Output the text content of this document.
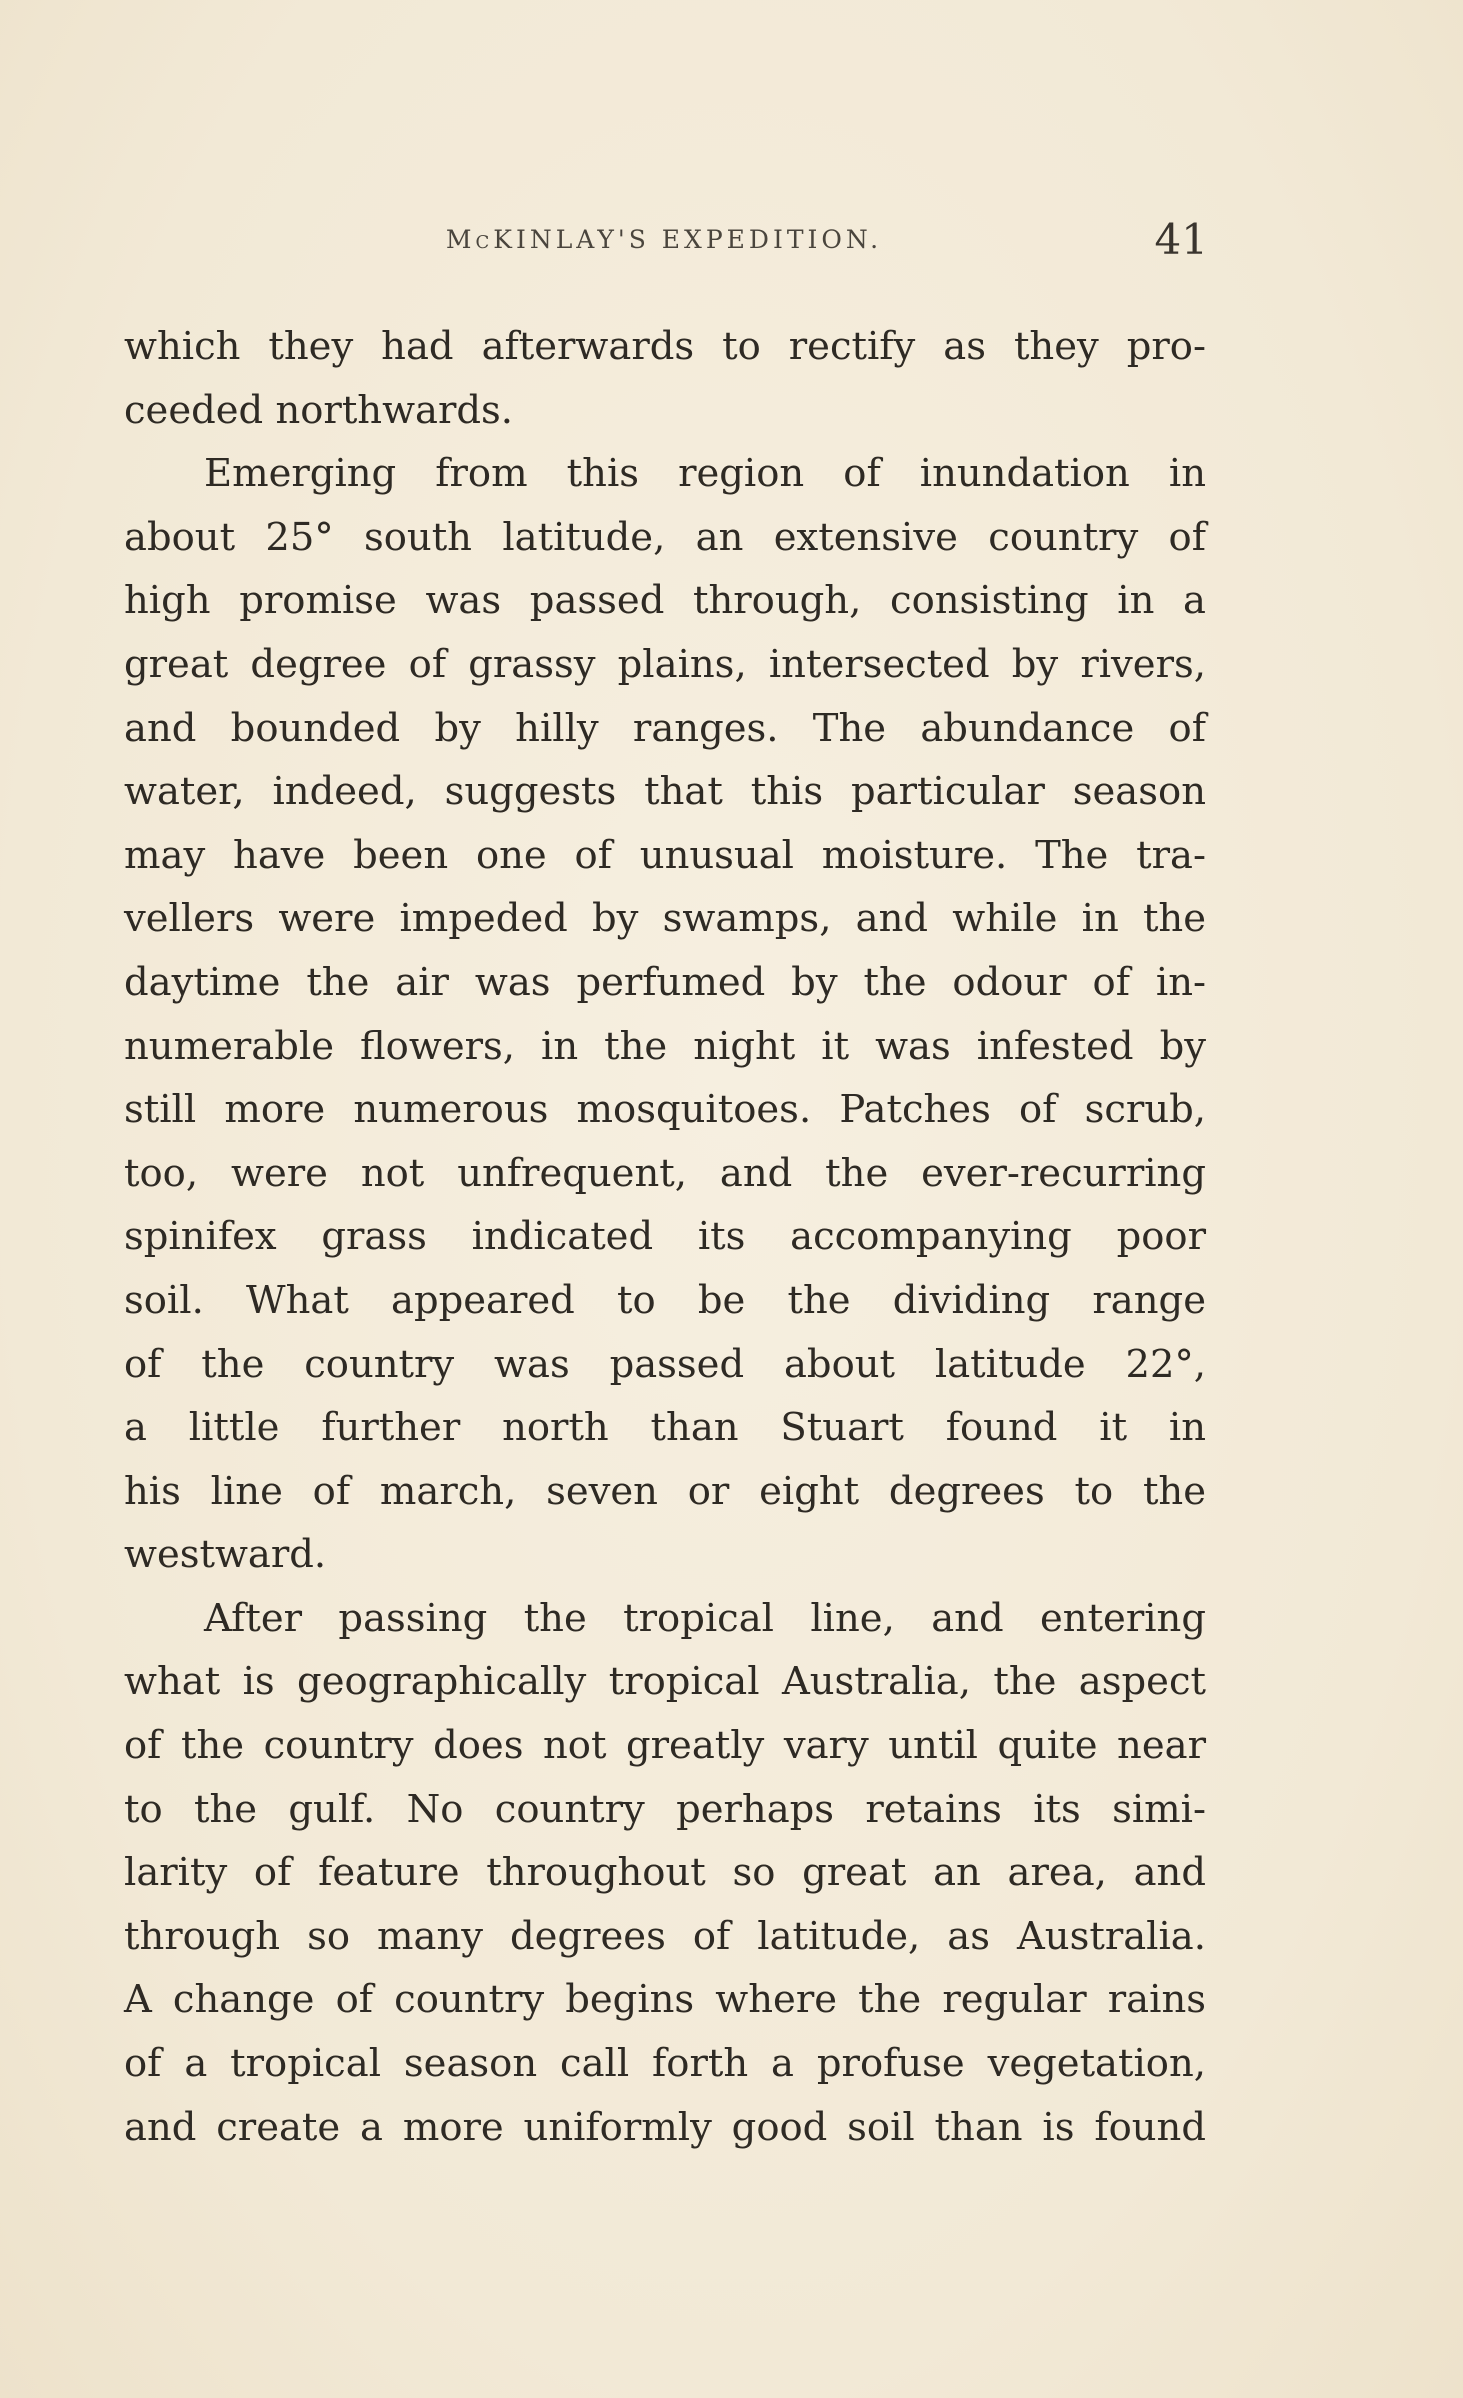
McKINLAY'S EXPEDITION.	41
which they had afterwards to rectify as they pro-
ceeded northwards.
Emerging from this region of inundation in
about 25° south latitude, an extensive country of
high promise was passed through, consisting in a
great degree of grassy plains, intersected by rivers,
and bounded by hilly ranges. The abundance of
water, indeed, suggests that this particular season
may have been one of unusual moisture. The tra-
vellers were impeded by swamps, and while in the
daytime the air was perfumed by the odour of in-
numerable flowers, in the night it was infested by
still more numerous mosquitoes. Patches of scrub,
too, were not unfrequent, and the ever-recurring
spinifex grass indicated its accompanying poor
soil. What appeared to be the dividing range
of the country was passed about latitude 22°,
a little further north than Stuart found it in
his line of march, seven or eight degrees to the
westward.
After passing the tropical line, and entering
what is geographically tropical Australia, the aspect
of the country does not greatly vary until quite near
to the gulf. No country perhaps retains its simi-
larity of feature throughout so great an area, and
through so many degrees of latitude, as Australia.
A change of country begins where the regular rains
of a tropical season call forth a profuse vegetation,
and create a more uniformly good soil than is found
